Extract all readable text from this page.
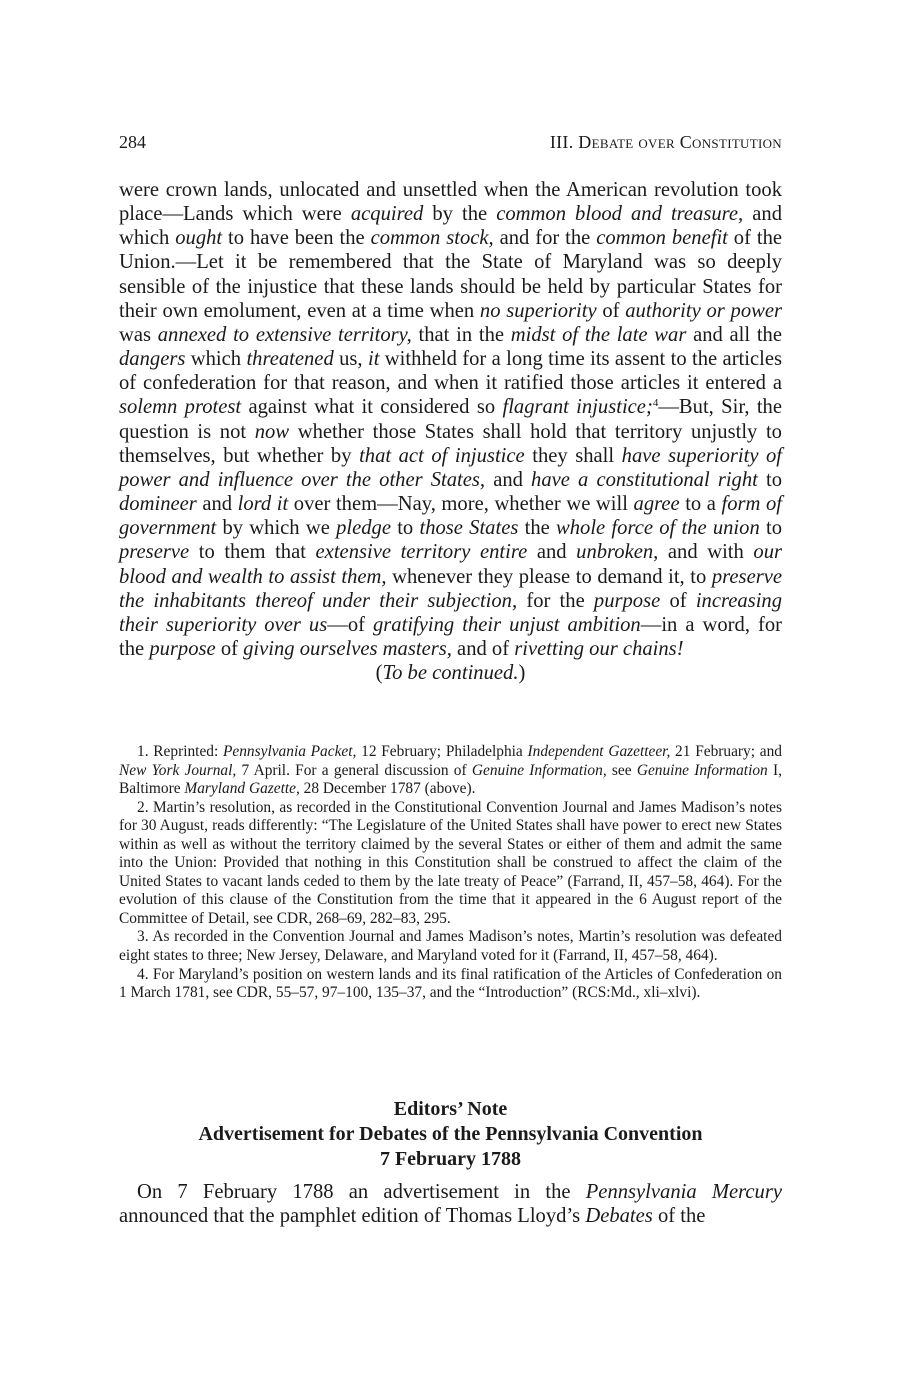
284	III. Debate over Constitution

were crown lands, unlocated and unsettled when the American revolution took place—Lands which were acquired by the common blood and treasure, and which ought to have been the common stock, and for the common benefit of the Union.—Let it be remembered that the State of Maryland was so deeply sensible of the injustice that these lands should be held by particular States for their own emolument, even at a time when no superiority of authority or power was annexed to extensive territory, that in the midst of the late war and all the dangers which threatened us, it withheld for a long time its assent to the articles of confederation for that reason, and when it ratified those articles it entered a solemn protest against what it considered so flagrant injustice;$^4$—But, Sir, the question is not now whether those States shall hold that territory unjustly to themselves, but whether by that act of injustice they shall have superiority of power and influence over the other States, and have a constitutional right to domineer and lord it over them—Nay, more, whether we will agree to a form of government by which we pledge to those States the whole force of the union to preserve to them that extensive territory entire and unbroken, and with our blood and wealth to assist them, whenever they please to demand it, to preserve the inhabitants thereof under their subjection, for the purpose of increasing their superiority over us—of gratifying their unjust ambition—in a word, for the purpose of giving ourselves masters, and of rivetting our chains!

(To be continued.)

1. Reprinted: Pennsylvania Packet, 12 February; Philadelphia Independent Gazetteer, 21 February; and New York Journal, 7 April. For a general discussion of Genuine Information, see Genuine Information I, Baltimore Maryland Gazette, 28 December 1787 (above).

2. Martin’s resolution, as recorded in the Constitutional Convention Journal and James Madison’s notes for 30 August, reads differently: “The Legislature of the United States shall have power to erect new States within as well as without the territory claimed by the several States or either of them and admit the same into the Union: Provided that nothing in this Constitution shall be construed to affect the claim of the United States to vacant lands ceded to them by the late treaty of Peace” (Farrand, II, 457–58, 464). For the evolution of this clause of the Constitution from the time that it appeared in the 6 August report of the Committee of Detail, see CDR, 268–69, 282–83, 295.

3. As recorded in the Convention Journal and James Madison’s notes, Martin’s resolution was defeated eight states to three; New Jersey, Delaware, and Maryland voted for it (Farrand, II, 457–58, 464).

4. For Maryland’s position on western lands and its final ratification of the Articles of Confederation on 1 March 1781, see CDR, 55–57, 97–100, 135–37, and the “Introduction” (RCS:Md., xli–xlvi).

Editors’ Note
Advertisement for Debates of the Pennsylvania Convention
7 February 1788

On 7 February 1788 an advertisement in the Pennsylvania Mercury announced that the pamphlet edition of Thomas Lloyd’s Debates of the
